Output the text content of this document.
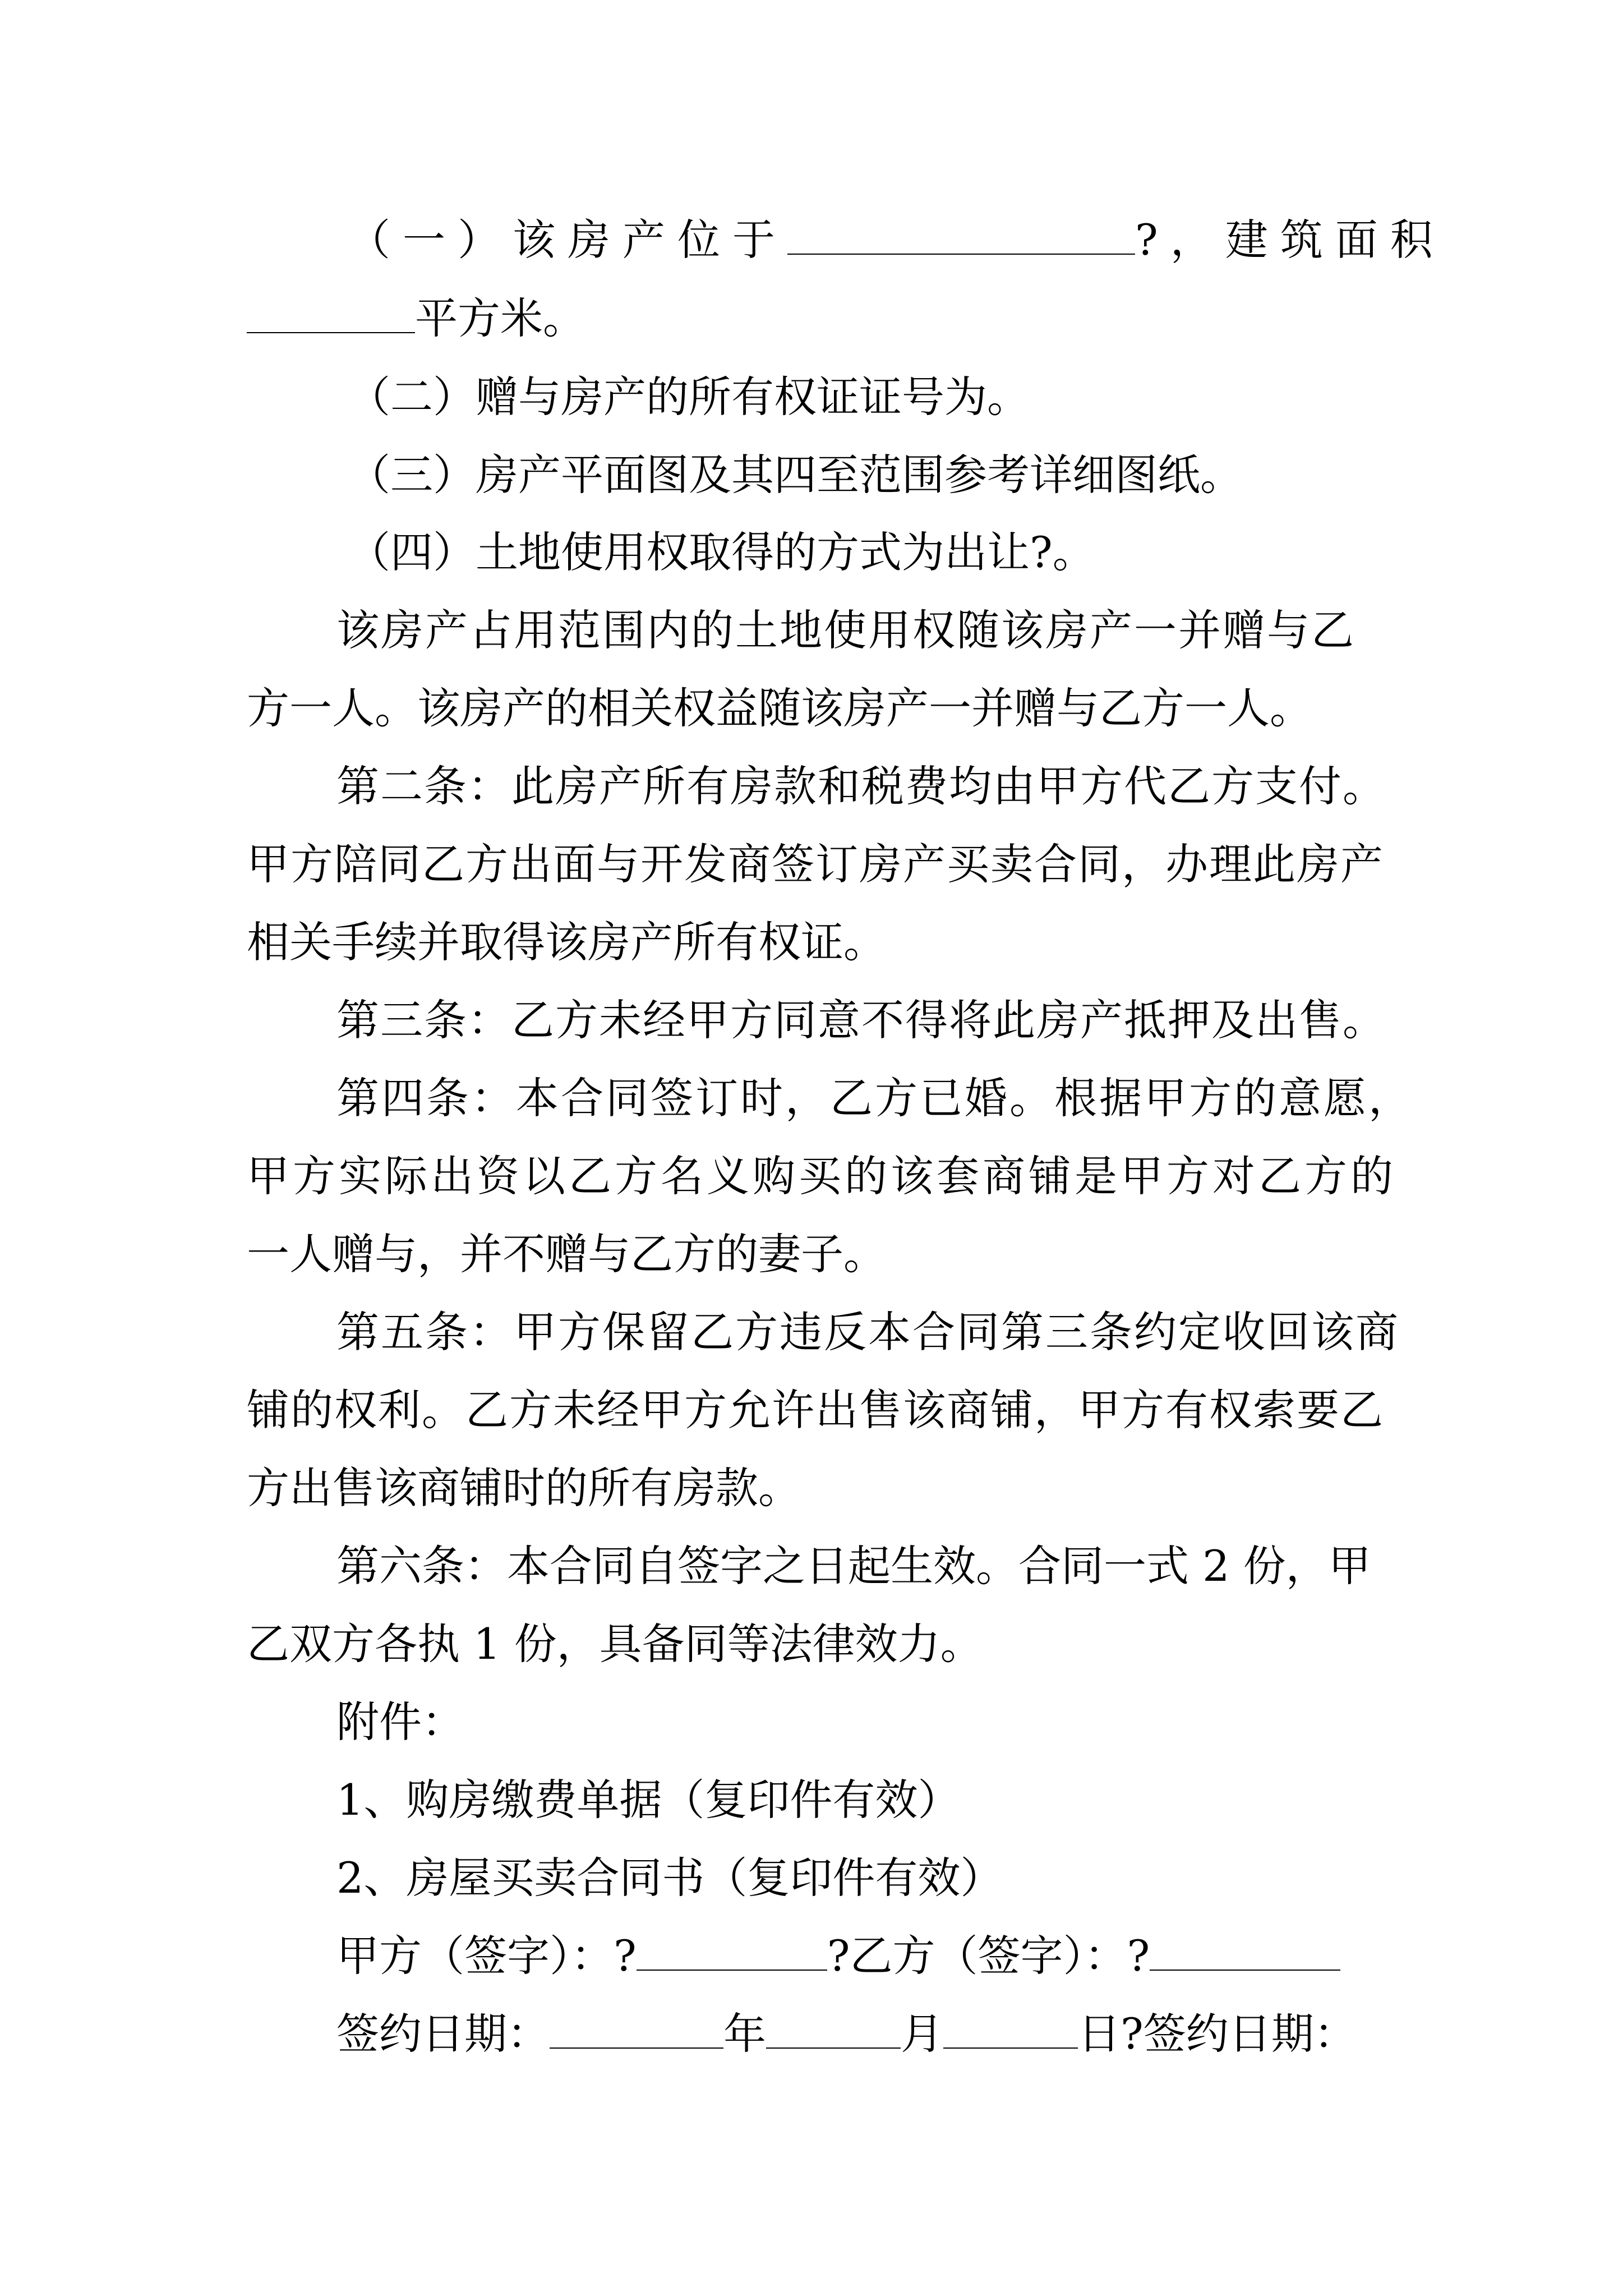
（一）该房产位于	?，建筑面积
平方米。
（二）赠与房产的所有权证证号为。
（三）房产平面图及其四至范围参考详细图纸。
（四）土地使用权取得的方式为出让?。
该房产占用范围内的土地使用权随该房产一并赠与乙
方一人。该房产的相关权益随该房产一并赠与乙方一人。
第二条：此房产所有房款和税费均由甲方代乙方支付。
甲方陪同乙方出面与开发商签订房产买卖合同，办理此房产
相关手续并取得该房产所有权证。
第三条：乙方未经甲方同意不得将此房产抵押及出售。
第四条：本合同签订时，乙方已婚。根据甲方的意愿，
甲方实际出资以乙方名义购买的该套商铺是甲方对乙方的
一人赠与，并不赠与乙方的妻子。
第五条：甲方保留乙方违反本合同第三条约定收回该商
铺的权利。乙方未经甲方允许出售该商铺，甲方有权索要乙
方出售该商铺时的所有房款。
第六条：本合同自签字之日起生效。合同一式 2 份，甲
乙双方各执 1 份，具备同等法律效力。
附件：
1、购房缴费单据（复印件有效）
2、房屋买卖合同书（复印件有效）
甲方（签字）：?	?乙方（签字）：?
签约日期：	年	月	日?签约日期：
